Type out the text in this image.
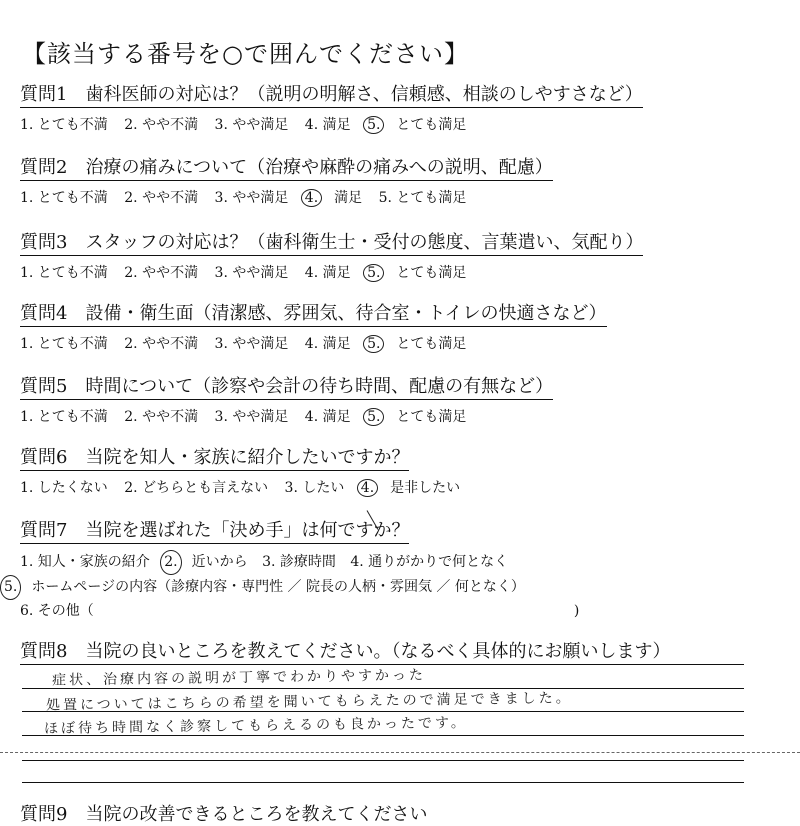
【該当する番号を○で囲んでください】
質問1　歯科医師の対応は？（説明の明解さ、信頼感、相談のしやすさなど）
1. とても不満 2. やや不満 3. やや満足 4. 満足 5. とても満足
質問2　治療の痛みについて（治療や麻酔の痛みへの説明、配慮）
1. とても不満 2. やや不満 3. やや満足 4. 満足 5. とても満足
質問3　スタッフの対応は？（歯科衛生士・受付の態度、言葉遣い、気配り）
1. とても不満 2. やや不満 3. やや満足 4. 満足 5. とても満足
質問4　設備・衛生面（清潔感、雰囲気、待合室・トイレの快適さなど）
1. とても不満 2. やや不満 3. やや満足 4. 満足 5. とても満足
質問5　時間について（診察や会計の待ち時間、配慮の有無など）
1. とても不満 2. やや不満 3. やや満足 4. 満足 5. とても満足
質問6　当院を知人・家族に紹介したいですか？
1. したくない 2. どちらとも言えない 3. したい 4. 是非したい
質問7　当院を選ばれた「決め手」は何ですか？
1. 知人・家族の紹介 2. 近いから 3. 診療時間 4. 通りがかりで何となく
5. ホームページの内容（診療内容・専門性 ／ 院長の人柄・雰囲気 ／ 何となく）
6. その他（	)
質問8　当院の良いところを教えてください。（なるべく具体的にお願いします）
症状、治療内容の説明が丁寧でわかりやすかった
処置についてはこちらの希望を聞いてもらえたので満足できました。
ほぼ待ち時間なく診察してもらえるのも良かったです。
質問9　当院の改善できるところを教えてください
